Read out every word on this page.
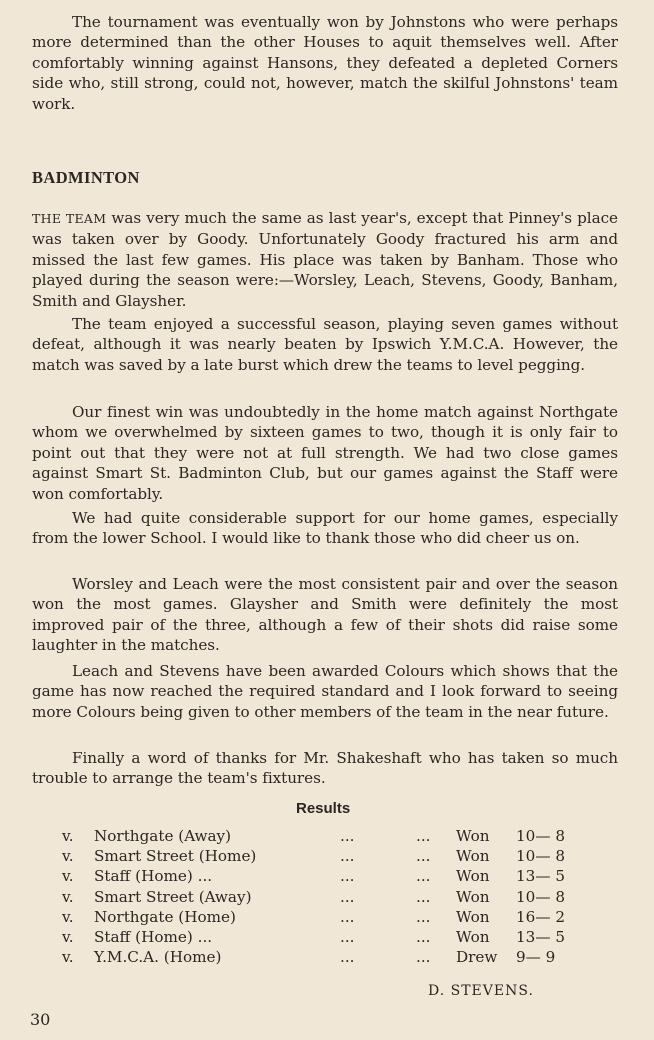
The tournament was eventually won by Johnstons who were perhaps more determined than the other Houses to aquit themselves well. After comfortably winning against Hansons, they defeated a depleted Corners side who, still strong, could not, however, match the skilful Johnstons' team work.

BADMINTON

THE TEAM was very much the same as last year's, except that Pinney's place was taken over by Goody. Unfortunately Goody fractured his arm and missed the last few games. His place was taken by Banham. Those who played during the season were:—Worsley, Leach, Stevens, Goody, Banham, Smith and Glaysher.

The team enjoyed a successful season, playing seven games without defeat, although it was nearly beaten by Ipswich Y.M.C.A. However, the match was saved by a late burst which drew the teams to level pegging.

Our finest win was undoubtedly in the home match against Northgate whom we overwhelmed by sixteen games to two, though it is only fair to point out that they were not at full strength. We had two close games against Smart St. Badminton Club, but our games against the Staff were won comfortably.

We had quite considerable support for our home games, especially from the lower School. I would like to thank those who did cheer us on.

Worsley and Leach were the most consistent pair and over the season won the most games. Glaysher and Smith were definitely the most improved pair of the three, although a few of their shots did raise some laughter in the matches.

Leach and Stevens have been awarded Colours which shows that the game has now reached the required standard and I look forward to seeing more Colours being given to other members of the team in the near future.

Finally a word of thanks for Mr. Shakeshaft who has taken so much trouble to arrange the team's fixtures.

Results
v.	Northgate (Away)	...	...	Won	10— 8
v.	Smart Street (Home)	...	...	Won	10— 8
v.	Staff (Home) ...	...	...	Won	13— 5
v.	Smart Street (Away)	...	...	Won	10— 8
v.	Northgate (Home)	...	...	Won	16— 2
v.	Staff (Home) ...	...	...	Won	13— 5
v.	Y.M.C.A. (Home)	...	...	Drew	9— 9

D. STEVENS.

30
